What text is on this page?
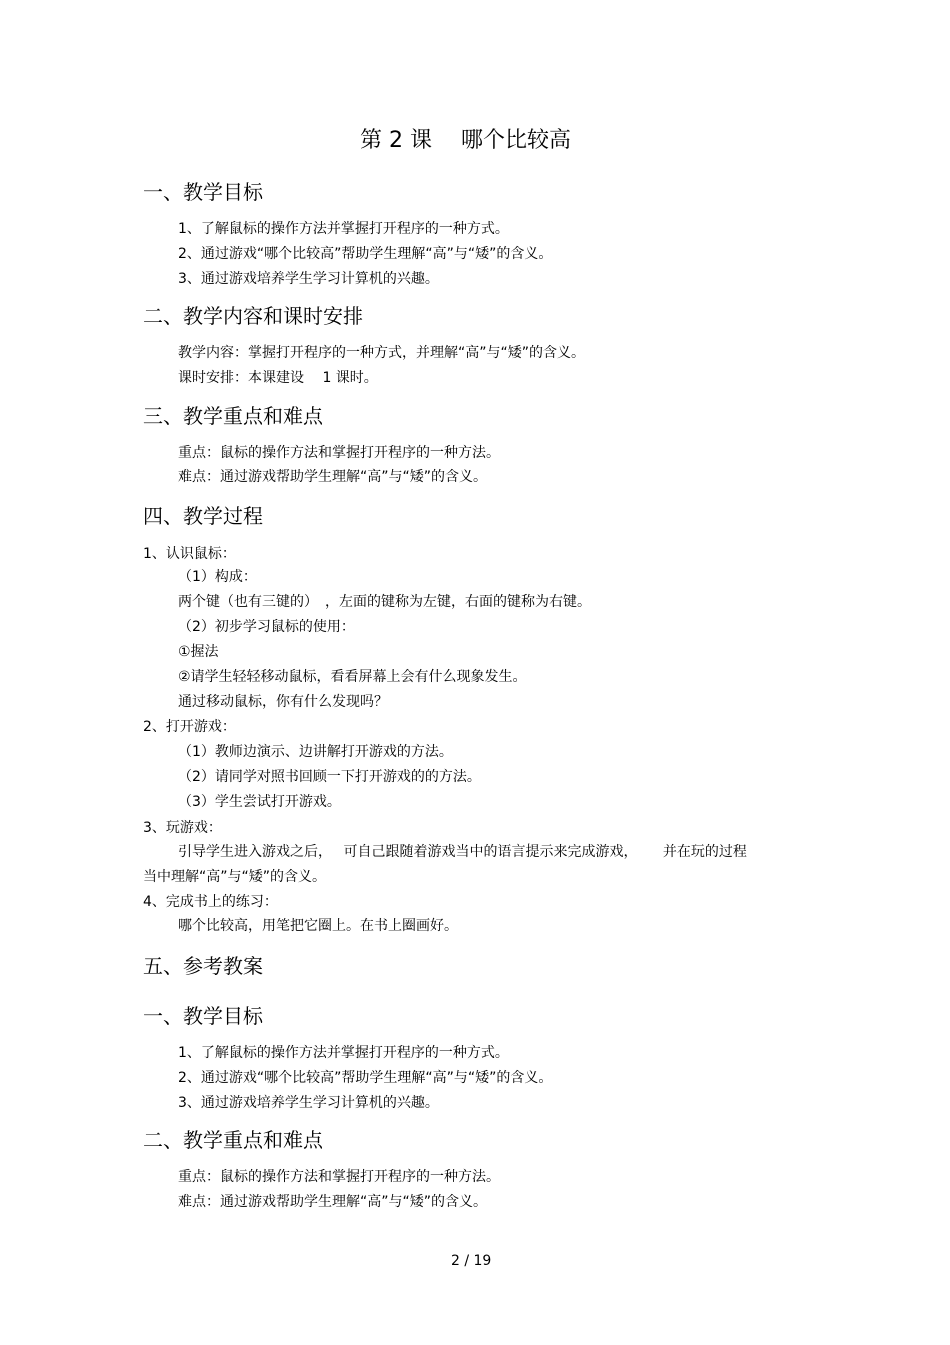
第 2 课　 哪个比较高
一、教学目标
1、了解鼠标的操作方法并掌握打开程序的一种方式。
2、通过游戏“哪个比较高”帮助学生理解“高”与“矮”的含义。
3、通过游戏培养学生学习计算机的兴趣。
二、教学内容和课时安排
教学内容：掌握打开程序的一种方式，并理解“高”与“矮”的含义。
课时安排：本课建设　 1 课时。
三、教学重点和难点
重点：鼠标的操作方法和掌握打开程序的一种方法。
难点：通过游戏帮助学生理解“高”与“矮”的含义。
四、教学过程
1、认识鼠标：
（1）构成：
两个键（也有三键的）　，左面的键称为左键，右面的键称为右键。
（2）初步学习鼠标的使用：
①握法
②请学生轻轻移动鼠标，看看屏幕上会有什么现象发生。
通过移动鼠标，你有什么发现吗？
2、打开游戏：
（1）教师边演示、边讲解打开游戏的方法。
（2）请同学对照书回顾一下打开游戏的的方法。
（3）学生尝试打开游戏。
3、玩游戏：
引导学生进入游戏之后，　 可自己跟随着游戏当中的语言提示来完成游戏，　　 并在玩的过程
当中理解“高”与“矮”的含义。
4、完成书上的练习：
哪个比较高，用笔把它圈上。在书上圈画好。
五、参考教案
一、教学目标
1、了解鼠标的操作方法并掌握打开程序的一种方式。
2、通过游戏“哪个比较高”帮助学生理解“高”与“矮”的含义。
3、通过游戏培养学生学习计算机的兴趣。
二、教学重点和难点
重点：鼠标的操作方法和掌握打开程序的一种方法。
难点：通过游戏帮助学生理解“高”与“矮”的含义。
2 / 19
